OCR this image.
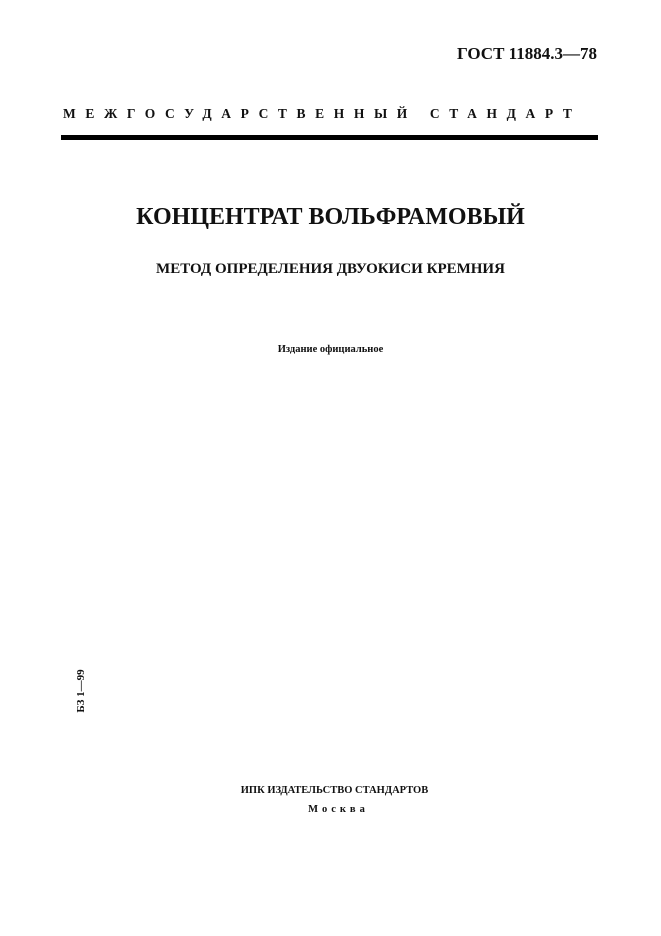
ГОСТ 11884.3—78
МЕЖГОСУДАРСТВЕННЫЙ СТАНДАРТ
КОНЦЕНТРАТ ВОЛЬФРАМОВЫЙ
МЕТОД ОПРЕДЕЛЕНИЯ ДВУОКИСИ КРЕМНИЯ
Издание официальное
БЗ 1—99
ИПК ИЗДАТЕЛЬСТВО СТАНДАРТОВ
Москва
